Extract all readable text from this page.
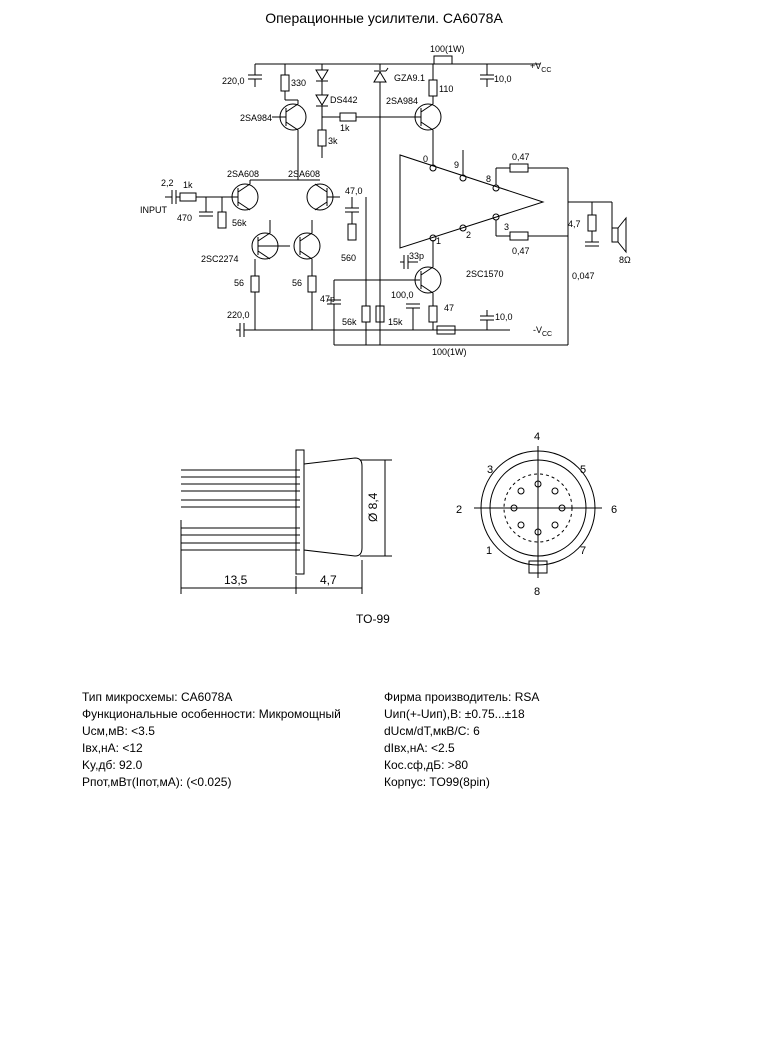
Операционные усилители. CA6078A
220,0	330
2SA984
DS442
1k
3k
GZA9.1
100(1W)
$+V_{CC}$
10,0
2SA984
110
0
9
8
0,47
2,2 1k
INPUT
470
2SA608	2SA608
56k
47,0
2SC2274	560
1
2
3
0,47
4,7
0,047
8Ω
33p
2SC1570
56	56
47p	100,0
47
220,0
56k	15k	10,0
$-V_{CC}$
100(1W)
13,5	4,7
Ø 8,4
1
2
3
4
5
6
7
8
TO-99
Тип микросхемы: CA6078A
Функциональные особенности: Микромощный
Uсм,мВ: <3.5
Iвх,нА: <12
Ky,дб: 92.0
Pпот,мВт(Iпот,мА): (<0.025)
Фирма производитель: RSA
Uип(+-Uип),В: ±0.75...±18
dUсм/dT,мкВ/С: 6
dIвх,нА: <2.5
Кос.сф,дБ: >80
Корпус: TO99(8pin)
